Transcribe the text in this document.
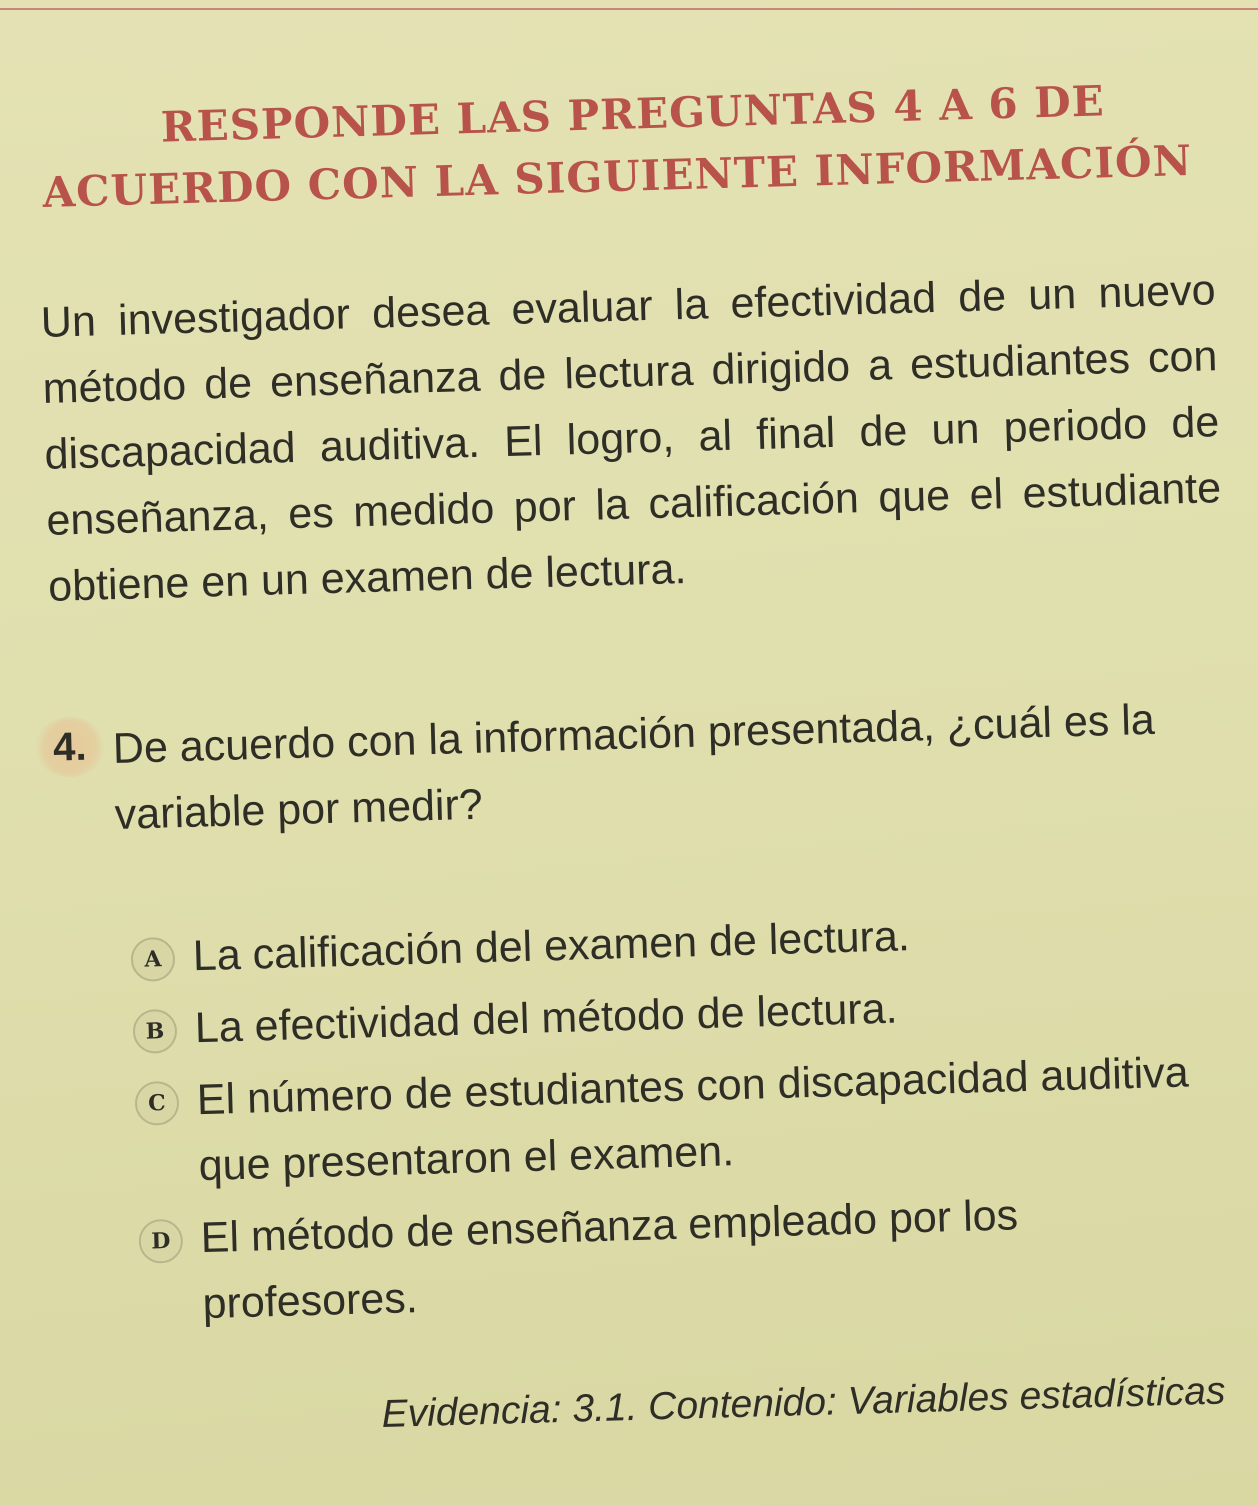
RESPONDE LAS PREGUNTAS 4 A 6 DE
ACUERDO CON LA SIGUIENTE INFORMACIÓN
Un investigador desea evaluar la efectividad de un nuevo método de enseñanza de lectura dirigido a estudiantes con discapacidad auditiva. El logro, al final de un periodo de enseñanza, es medido por la calificación que el estudiante obtiene en un examen de lectura.
4. De acuerdo con la información presentada, ¿cuál es la variable por medir?
A La calificación del examen de lectura.
B La efectividad del método de lectura.
C El número de estudiantes con discapacidad auditiva que presentaron el examen.
D El método de enseñanza empleado por los profesores.
Evidencia: 3.1. Contenido: Variables estadísticas
